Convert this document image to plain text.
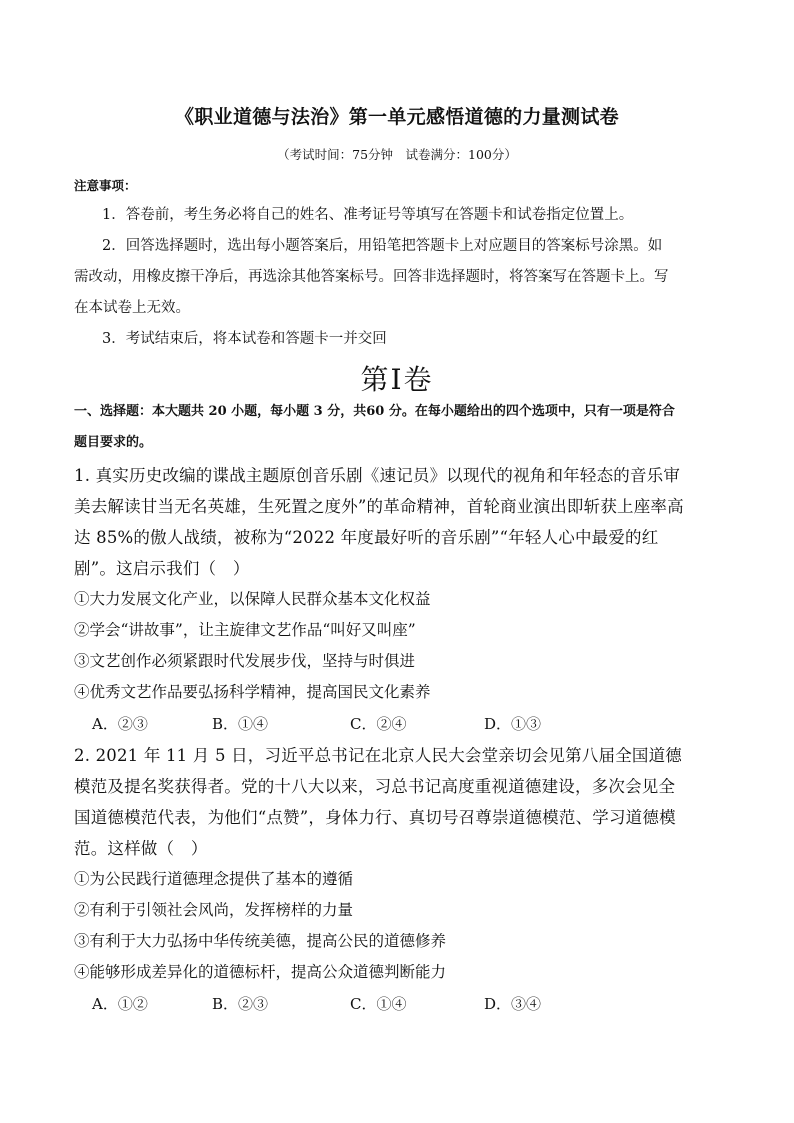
《职业道德与法治》第一单元感悟道德的力量测试卷
（考试时间：75分钟　试卷满分：100分）
注意事项：
1．答卷前，考生务必将自己的姓名、准考证号等填写在答题卡和试卷指定位置上。
2．回答选择题时，选出每小题答案后，用铅笔把答题卡上对应题目的答案标号涂黑。如需改动，用橡皮擦干净后，再选涂其他答案标号。回答非选择题时，将答案写在答题卡上。写在本试卷上无效。
3．考试结束后，将本试卷和答题卡一并交回
第Ⅰ卷
一、选择题：本大题共 20 小题，每小题 3 分，共60 分。在每小题给出的四个选项中，只有一项是符合题目要求的。
1. 真实历史改编的谍战主题原创音乐剧《速记员》以现代的视角和年轻态的音乐审美去解读甘当无名英雄，生死置之度外”的革命精神，首轮商业演出即斩获上座率高达 85%的傲人战绩，被称为“2022 年度最好听的音乐剧”“年轻人心中最爱的红剧”。这启示我们（　）
①大力发展文化产业，以保障人民群众基本文化权益
②学会“讲故事”，让主旋律文艺作品“叫好又叫座”
③文艺创作必须紧跟时代发展步伐，坚持与时俱进
④优秀文艺作品要弘扬科学精神，提高国民文化素养
A．②③	B．①④	C．②④	D．①③
2. 2021 年 11 月 5 日，习近平总书记在北京人民大会堂亲切会见第八届全国道德模范及提名奖获得者。党的十八大以来，习总书记高度重视道德建设，多次会见全国道德模范代表，为他们“点赞”，身体力行、真切号召尊崇道德模范、学习道德模范。这样做（　）
①为公民践行道德理念提供了基本的遵循
②有利于引领社会风尚，发挥榜样的力量
③有利于大力弘扬中华传统美德，提高公民的道德修养
④能够形成差异化的道德标杆，提高公众道德判断能力
A．①②	B．②③	C．①④	D．③④
